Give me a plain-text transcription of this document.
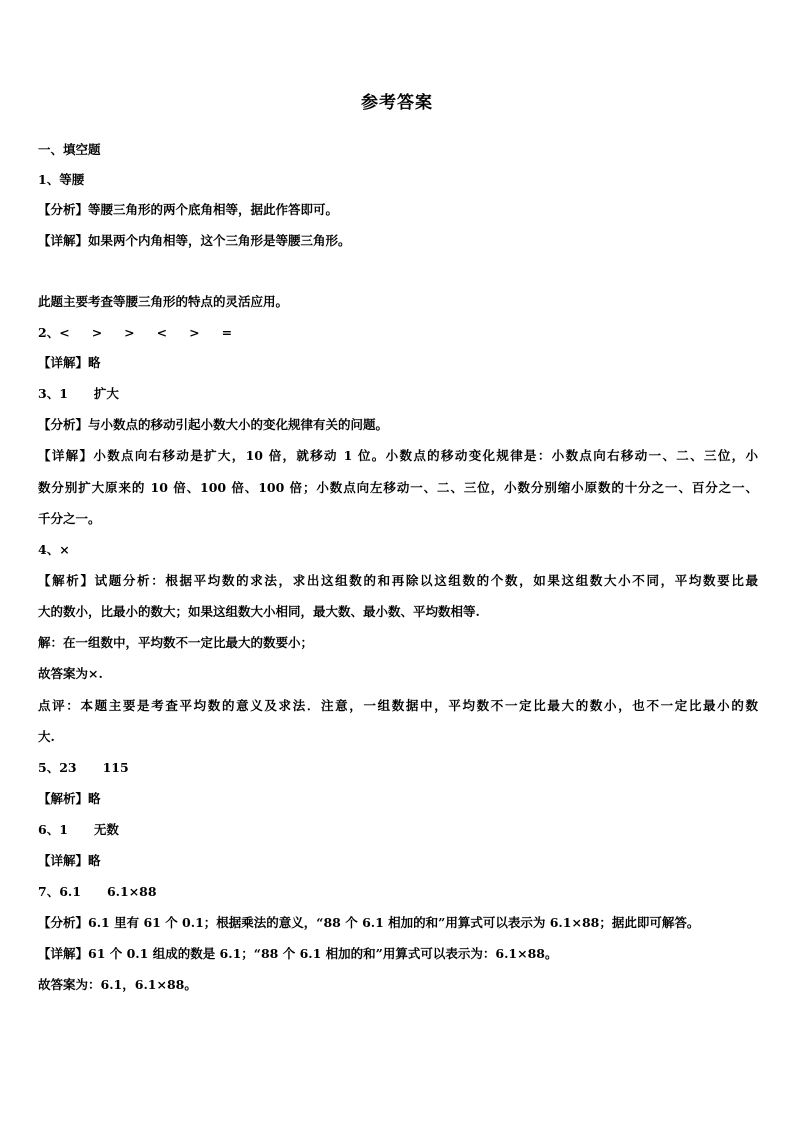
参考答案
一、填空题
1、等腰
【分析】等腰三角形的两个底角相等，据此作答即可。
【详解】如果两个内角相等，这个三角形是等腰三角形。
此题主要考查等腰三角形的特点的灵活应用。
2、< > > < > =
【详解】略
3、1 扩大
【分析】与小数点的移动引起小数大小的变化规律有关的问题。
【详解】小数点向右移动是扩大，10 倍，就移动 1 位。小数点的移动变化规律是：小数点向右移动一、二、三位，小
数分别扩大原来的 10 倍、100 倍、100 倍；小数点向左移动一、二、三位，小数分别缩小原数的十分之一、百分之一、
千分之一。
4、×
【解析】试题分析：根据平均数的求法，求出这组数的和再除以这组数的个数，如果这组数大小不同，平均数要比最
大的数小，比最小的数大；如果这组数大小相同，最大数、最小数、平均数相等.
解：在一组数中，平均数不一定比最大的数要小；
故答案为×.
点评：本题主要是考查平均数的意义及求法．注意，一组数据中，平均数不一定比最大的数小，也不一定比最小的数
大.
5、23 115
【解析】略
6、1 无数
【详解】略
7、6.1 6.1×88
【分析】6.1 里有 61 个 0.1；根据乘法的意义，“88 个 6.1 相加的和”用算式可以表示为 6.1×88；据此即可解答。
【详解】61 个 0.1 组成的数是 6.1；“88 个 6.1 相加的和”用算式可以表示为：6.1×88。
故答案为：6.1，6.1×88。
